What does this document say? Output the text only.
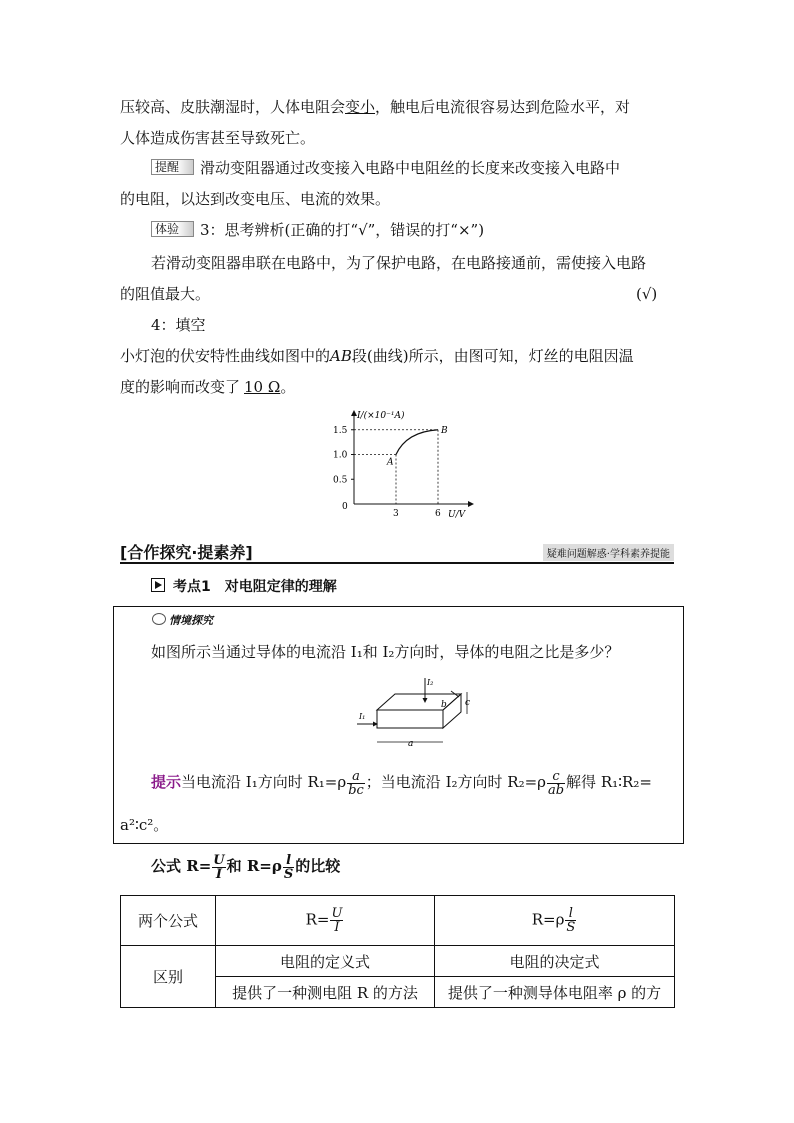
压较高、皮肤潮湿时，人体电阻会变小，触电后电流很容易达到危险水平，对
人体造成伤害甚至导致死亡。
提醒 滑动变阻器通过改变接入电路中电阻丝的长度来改变接入电路中
的电阻，以达到改变电压、电流的效果。
体验 3：思考辨析(正确的打“√”，错误的打“×”)
若滑动变阻器串联在电路中，为了保护电路，在电路接通前，需使接入电路
的阻值最大。	(√)
4：填空
小灯泡的伏安特性曲线如图中的AB段(曲线)所示，由图可知，灯丝的电阻因温
度的影响而改变了 10 Ω。
I/(×10⁻¹A)
U/V
0
0.5
1.0
1.5
3	6
A
B
[合作探究·提素养]	疑难问题解惑·学科素养提能
考点1　对电阻定律的理解
情境探究
如图所示当通过导体的电流沿 I₁和 I₂方向时，导体的电阻之比是多少？
I₂
I₁
b c
a
提示当电流沿 I₁方向时 $R_1=\rho \frac{a}{bc}$ ；当电流沿 I₂方向时 $R_2=\rho \frac{c}{ab}$ 解得 R₁∶R₂=
a²∶c²。
公式 $R= \frac{U}{I}$ 和 $R=\rho \frac{l}{S}$ 的比较
两个公式	$R= \frac{U}{I}$	$R=\rho \frac{l}{S}$

区别	电阻的定义式	电阻的决定式
	提供了一种测电阻 R 的方法	提供了一种测导体电阻率 ρ 的方
